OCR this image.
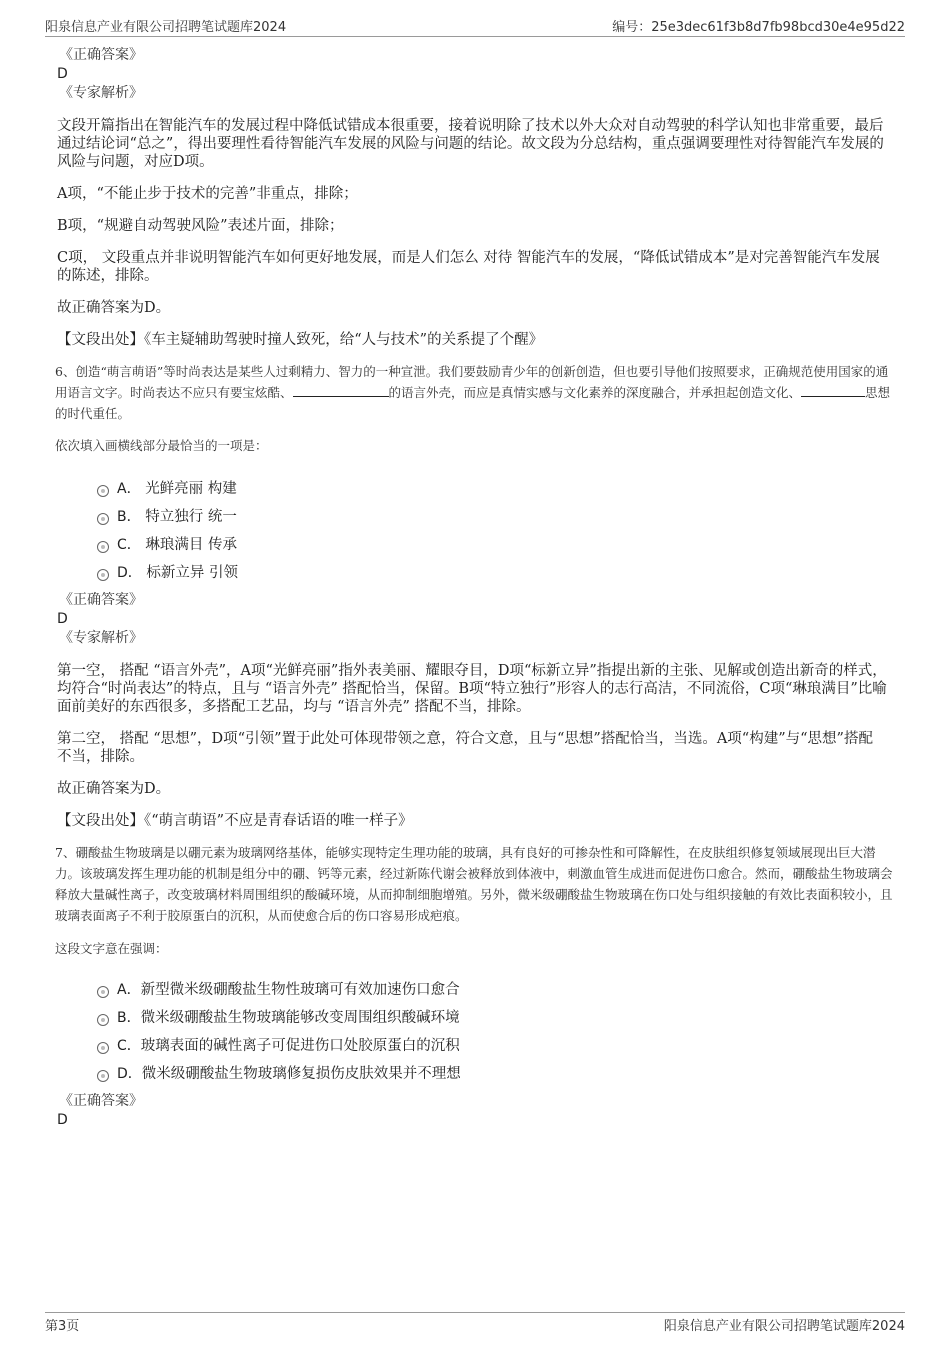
阳泉信息产业有限公司招聘笔试题库2024	编号：25e3dec61f3b8d7fb98bcd30e4e95d22
《正确答案》
D
《专家解析》
文段开篇指出在智能汽车的发展过程中降低试错成本很重要，接着说明除了技术以外大众对自动驾驶的科学认知也非常重要，最后通过结论词“总之”，得出要理性看待智能汽车发展的风险与问题的结论。故文段为分总结构，重点强调要理性对待智能汽车发展的风险与问题，对应D项。
A项，“不能止步于技术的完善”非重点，排除；
B项，“规避自动驾驶风险”表述片面，排除；
C项， 文段重点并非说明智能汽车如何更好地发展，而是人们怎么 对待 智能汽车的发展，“降低试错成本”是对完善智能汽车发展的陈述，排除。
故正确答案为D。
【文段出处】《车主疑辅助驾驶时撞人致死，给“人与技术”的关系提了个醒》
6、创造“萌言萌语”等时尚表达是某些人过剩精力、智力的一种宣泄。我们要鼓励青少年的创新创造，但也要引导他们按照要求，正确规范使用国家的通用语言文字。时尚表达不应只有要宝炫酷、	的语言外壳，而应是真情实感与文化素养的深度融合，并承担起创造文化、	思想的时代重任。
依次填入画横线部分最恰当的一项是：
A． 光鲜亮丽 构建
B． 特立独行 统一
C． 琳琅满目 传承
D． 标新立异 引领
《正确答案》
D
《专家解析》
第一空， 搭配 “语言外壳”，A项“光鲜亮丽”指外表美丽、耀眼夺目，D项“标新立异”指提出新的主张、见解或创造出新奇的样式，均符合“时尚表达”的特点，且与 “语言外壳” 搭配恰当，保留。B项“特立独行”形容人的志行高洁，不同流俗，C项“琳琅满目”比喻面前美好的东西很多，多搭配工艺品，均与 “语言外壳” 搭配不当，排除。
第二空， 搭配 “思想”，D项“引领”置于此处可体现带领之意，符合文意，且与“思想”搭配恰当，当选。A项“构建”与“思想”搭配不当，排除。
故正确答案为D。
【文段出处】《“萌言萌语”不应是青春话语的唯一样子》
7、硼酸盐生物玻璃是以硼元素为玻璃网络基体，能够实现特定生理功能的玻璃，具有良好的可掺杂性和可降解性，在皮肤组织修复领域展现出巨大潜力。该玻璃发挥生理功能的机制是组分中的硼、钙等元素，经过新陈代谢会被释放到体液中，刺激血管生成进而促进伤口愈合。然而，硼酸盐生物玻璃会释放大量碱性离子，改变玻璃材料周围组织的酸碱环境，从而抑制细胞增殖。另外，微米级硼酸盐生物玻璃在伤口处与组织接触的有效比表面积较小，且玻璃表面离子不利于胶原蛋白的沉积，从而使愈合后的伤口容易形成疤痕。
这段文字意在强调：
A．新型微米级硼酸盐生物性玻璃可有效加速伤口愈合
B．微米级硼酸盐生物玻璃能够改变周围组织酸碱环境
C．玻璃表面的碱性离子可促进伤口处胶原蛋白的沉积
D．微米级硼酸盐生物玻璃修复损伤皮肤效果并不理想
《正确答案》
D
第3页	阳泉信息产业有限公司招聘笔试题库2024
